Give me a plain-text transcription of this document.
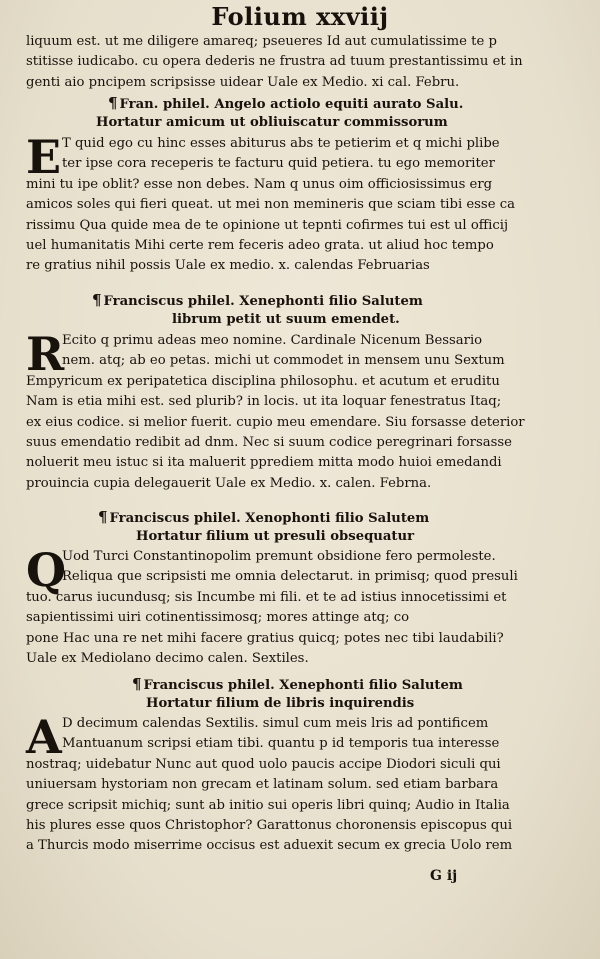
Folium xxviij
liquum est. ut me diligere amareq; pseueres Id aut cumulatissime te p
stitisse iudicabo. cu opera dederis ne frustra ad tuum prestantissimu et in
genti aio pncipem scripsisse uidear Uale ex Medio. xi cal. Febru.
¶ Fran. philel. Angelo actiolo equiti aurato Salu.
Hortatur amicum ut obliuiscatur commissorum
E T quid ego cu hinc esses abiturus abs te petierim et q michi plibe
ter ipse cora receperis te facturu quid petiera. tu ego memoriter
mini tu ipe oblit? esse non debes. Nam q unus oim officiosissimus erg
amicos soles qui fieri queat. ut mei non memineris que sciam tibi esse ca
rissimu Qua quide mea de te opinione ut tepnti cofirmes tui est ul officij
uel humanitatis Mihi certe rem feceris adeo grata. ut aliud hoc tempo
re gratius nihil possis Uale ex medio. x. calendas Februarias
¶ Franciscus philel. Xenephonti filio Salutem
librum petit ut suum emendet.
R
Ecito q primu adeas meo nomine. Cardinale Nicenum Bessario
nem. atq; ab eo petas. michi ut commodet in mensem unu Sextum
Empyricum ex peripatetica disciplina philosophu. et acutum et eruditu
Nam is etia mihi est. sed plurib? in locis. ut ita loquar fenestratus Itaq;
ex eius codice. si melior fuerit. cupio meu emendare. Siu forsasse deterior
suus emendatio redibit ad dnm. Nec si suum codice peregrinari forsasse
noluerit meu istuc si ita maluerit pprediem mitta modo huioi emedandi
prouincia cupia delegauerit Uale ex Medio. x. calen. Febrna.
¶ Franciscus philel. Xenophonti filio Salutem
Hortatur filium ut presuli obsequatur
Q
Uod Turci Constantinopolim premunt obsidione fero permoleste.
Reliqua que scripsisti me omnia delectarut. in primisq; quod presuli
tuo. carus iucundusq; sis Incumbe mi fili. et te ad istius innocetissimi et
sapientissimi uiri cotinentissimosq; mores attinge atq; co
pone Hac una re net mihi facere gratius quicq; potes nec tibi laudabili?
Uale ex Mediolano decimo calen. Sextiles.
¶ Franciscus philel. Xenephonti filio Salutem
Hortatur filium de libris inquirendis
A D decimum calendas Sextilis. simul cum meis lris ad pontificem
Mantuanum scripsi etiam tibi. quantu p id temporis tua interesse
nostraq; uidebatur Nunc aut quod uolo paucis accipe Diodori siculi qui
uniuersam hystoriam non grecam et latinam solum. sed etiam barbara
grece scripsit michiq; sunt ab initio sui operis libri quinq; Audio in Italia
his plures esse quos Christophor? Garattonus choronensis episcopus qui
a Thurcis modo miserrime occisus est aduexit secum ex grecia Uolo rem
G ij
